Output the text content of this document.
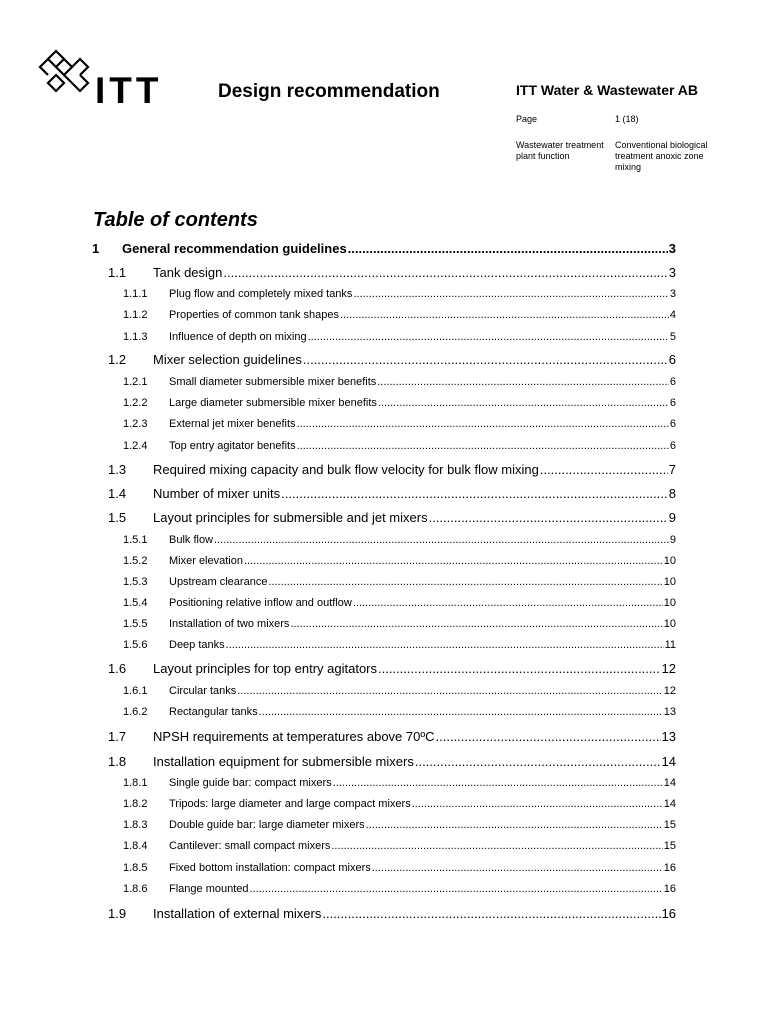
ITT	Design recommendation	ITT Water & Wastewater AB
Page	1 (18)
Wastewater treatment plant function
Conventional biological treatment anoxic zone mixing
Table of contents
1 General recommendation guidelines .....	3
1.1 Tank design .....	3
1.1.1 Plug flow and completely mixed tanks .....	3
1.1.2 Properties of common tank shapes .....	4
1.1.3 Influence of depth on mixing .....	5
1.2 Mixer selection guidelines .....	6
1.2.1 Small diameter submersible mixer benefits .....	6
1.2.2 Large diameter submersible mixer benefits .....	6
1.2.3 External jet mixer benefits .....	6
1.2.4 Top entry agitator benefits .....	6
1.3 Required mixing capacity and bulk flow velocity for bulk flow mixing .....	7
1.4 Number of mixer units .....	8
1.5 Layout principles for submersible and jet mixers .....	9
1.5.1 Bulk flow .....	9
1.5.2 Mixer elevation .....	10
1.5.3 Upstream clearance .....	10
1.5.4 Positioning relative inflow and outflow .....	10
1.5.5 Installation of two mixers .....	10
1.5.6 Deep tanks .....	11
1.6 Layout principles for top entry agitators .....	12
1.6.1 Circular tanks .....	12
1.6.2 Rectangular tanks .....	13
1.7 NPSH requirements at temperatures above 70ºC .....	13
1.8 Installation equipment for submersible mixers .....	14
1.8.1 Single guide bar: compact mixers .....	14
1.8.2 Tripods: large diameter and large compact mixers .....	14
1.8.3 Double guide bar: large diameter mixers .....	15
1.8.4 Cantilever: small compact mixers .....	15
1.8.5 Fixed bottom installation: compact mixers .....	16
1.8.6 Flange mounted .....	16
1.9 Installation of external mixers .....	16
